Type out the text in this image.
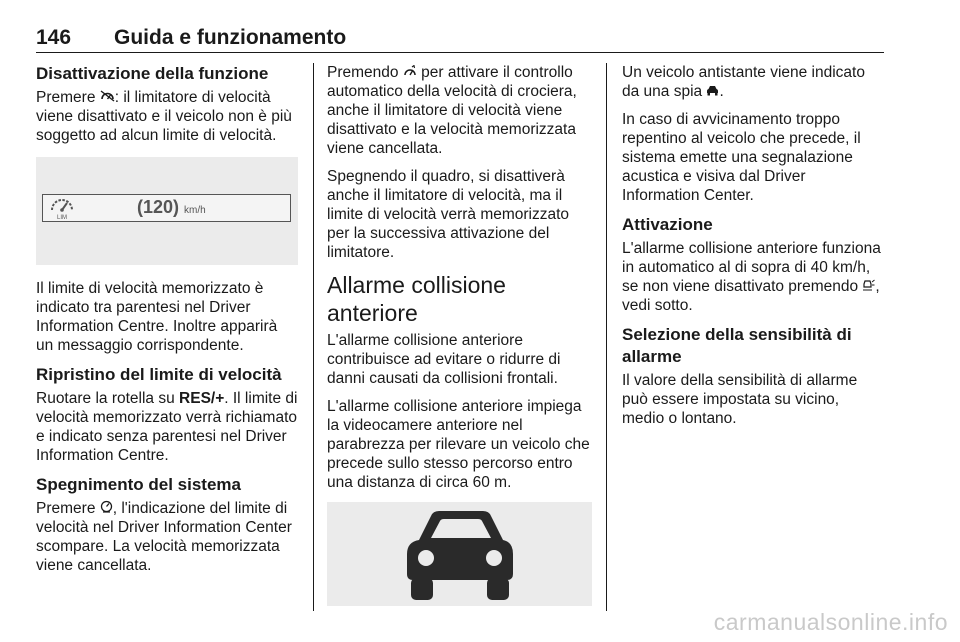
146 Guida e funzionamento
Disattivazione della funzione

Premere : il limitatore di velocità viene disattivato e il veicolo non è più soggetto ad alcun limite di velocità.

LIM
(120) km/h

Il limite di velocità memorizzato è indicato tra parentesi nel Driver Information Centre. Inoltre apparirà un messaggio corrispondente.

Ripristino del limite di velocità

Ruotare la rotella su RES/+. Il limite di velocità memorizzato verrà richiamato e indicato senza parentesi nel Driver Information Centre.

Spegnimento del sistema

Premere , l'indicazione del limite di velocità nel Driver Information Center scompare. La velocità memorizzata viene cancellata.

Premendo  per attivare il controllo automatico della velocità di crociera, anche il limitatore di velocità viene disattivato e la velocità memorizzata viene cancellata.

Spegnendo il quadro, si disattiverà anche il limitatore di velocità, ma il limite di velocità verrà memorizzato per la successiva attivazione del limitatore.

Allarme collisione anteriore

L'allarme collisione anteriore contribuisce ad evitare o ridurre di danni causati da collisioni frontali.

L'allarme collisione anteriore impiega la videocamere anteriore nel parabrezza per rilevare un veicolo che precede sullo stesso percorso entro una distanza di circa 60 m.

Un veicolo antistante viene indicato da una spia .

In caso di avvicinamento troppo repentino al veicolo che precede, il sistema emette una segnalazione acustica e visiva dal Driver Information Center.

Attivazione

L'allarme collisione anteriore funziona in automatico al di sopra di 40 km/h, se non viene disattivato premendo , vedi sotto.

Selezione della sensibilità di allarme

Il valore della sensibilità di allarme può essere impostata su vicino, medio o lontano.

carmanualsonline.info
